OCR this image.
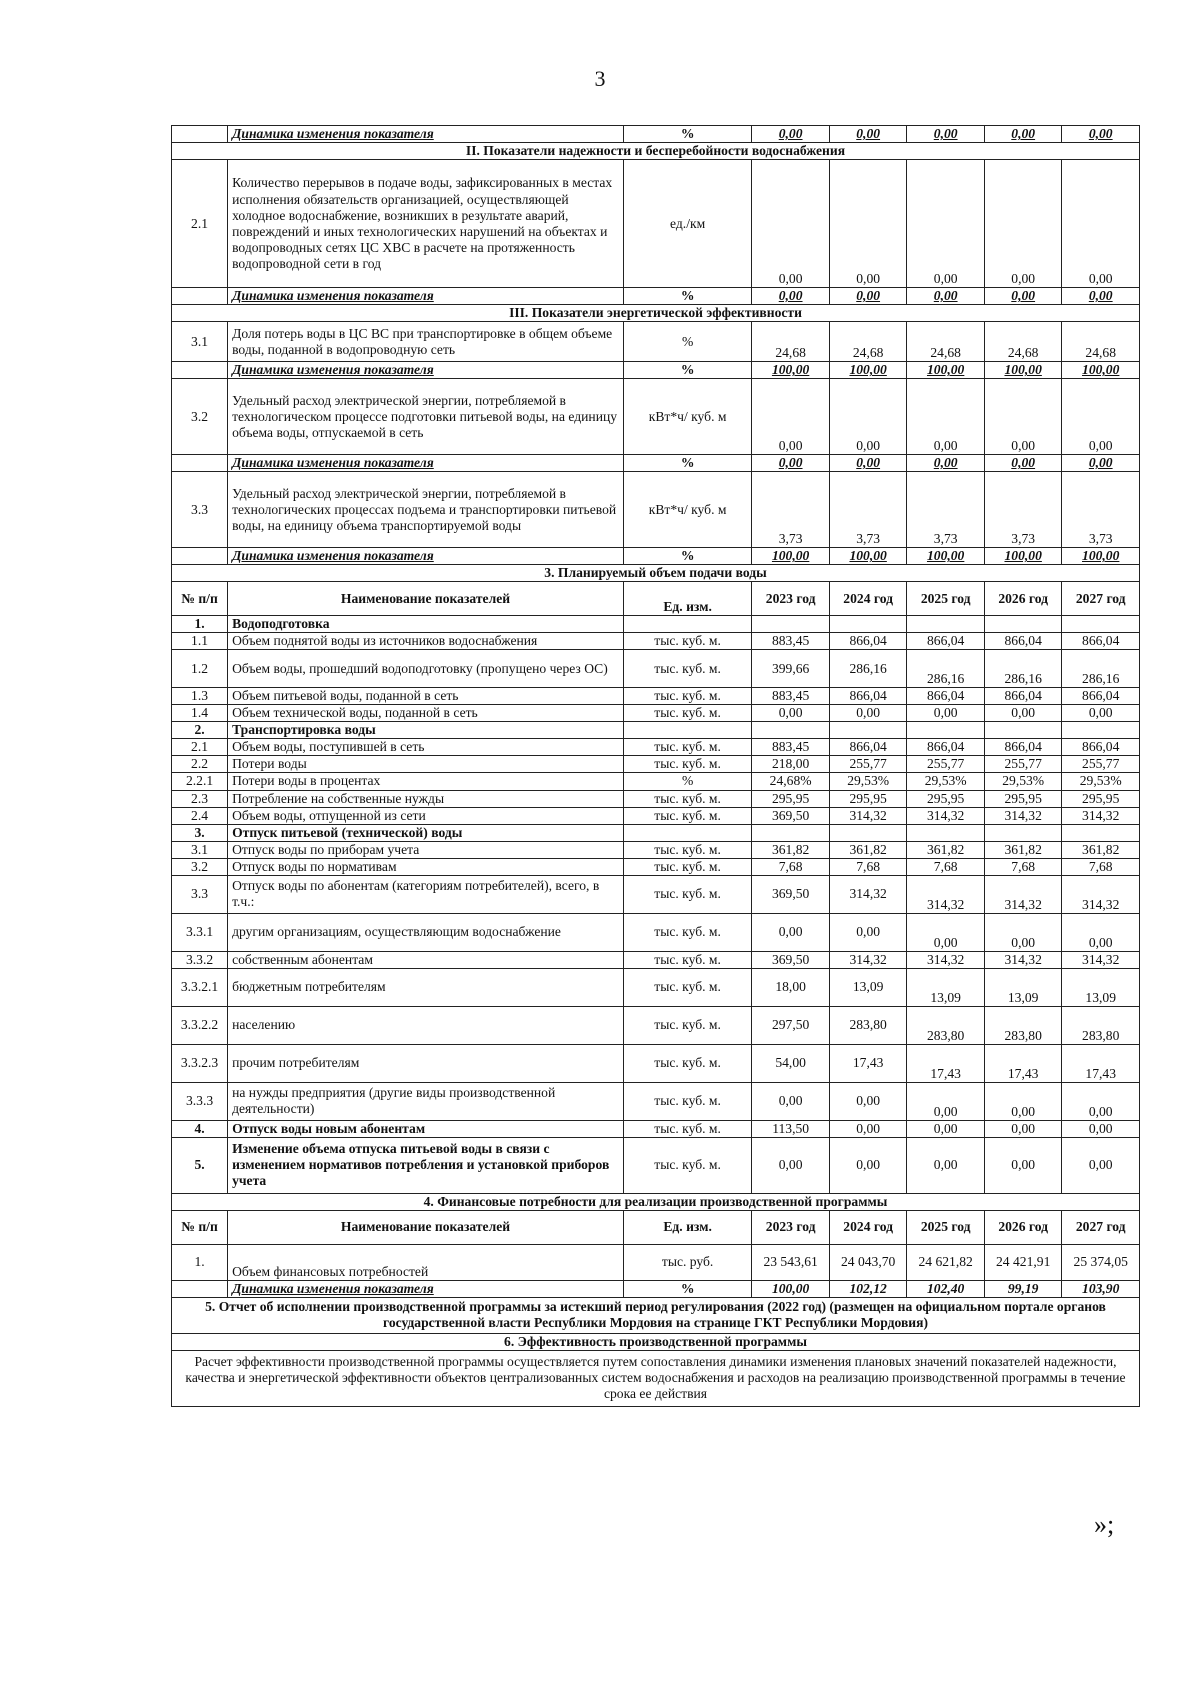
3
	Динамика изменения показателя	%	0,00	0,00	0,00	0,00	0,00
II. Показатели надежности и бесперебойности водоснабжения							
2.1	Количество перерывов в подаче воды, зафиксированных в местах исполнения обязательств организацией, осуществляющей холодное водоснабжение, возникших в результате аварий, повреждений и иных технологических нарушений на объектах и водопроводных сетях ЦС ХВС в расчете на протяженность водопроводной сети в год	ед./км	0,00	0,00	0,00	0,00	0,00
	Динамика изменения показателя	%	0,00	0,00	0,00	0,00	0,00
III. Показатели энергетической эффективности							
3.1	Доля потерь воды в ЦС ВС при транспортировке в общем объеме воды, поданной в водопроводную сеть	%	24,68	24,68	24,68	24,68	24,68
	Динамика изменения показателя	%	100,00	100,00	100,00	100,00	100,00
3.2	Удельный расход электрической энергии, потребляемой в технологическом процессе подготовки питьевой воды, на единицу объема воды, отпускаемой в сеть	кВт*ч/ куб. м	0,00	0,00	0,00	0,00	0,00
	Динамика изменения показателя	%	0,00	0,00	0,00	0,00	0,00
3.3	Удельный расход электрической энергии, потребляемой в технологических процессах подъема и транспортировки питьевой воды, на единицу объема транспортируемой воды	кВт*ч/ куб. м	3,73	3,73	3,73	3,73	3,73
	Динамика изменения показателя	%	100,00	100,00	100,00	100,00	100,00
3. Планируемый объем подачи воды							
№ п/п	Наименование показателей	Ед. изм.	2023 год	2024 год	2025 год	2026 год	2027 год
1.	Водоподготовка						
1.1	Объем поднятой воды из источников водоснабжения	тыс. куб. м.	883,45	866,04	866,04	866,04	866,04
1.2	Объем воды, прошедший водоподготовку (пропущено через ОС)	тыс. куб. м.	399,66	286,16	286,16	286,16	286,16
1.3	Объем питьевой воды, поданной в сеть	тыс. куб. м.	883,45	866,04	866,04	866,04	866,04
1.4	Объем технической воды, поданной в сеть	тыс. куб. м.	0,00	0,00	0,00	0,00	0,00
2.	Транспортировка воды						
2.1	Объем воды, поступившей в сеть	тыс. куб. м.	883,45	866,04	866,04	866,04	866,04
2.2	Потери воды	тыс. куб. м.	218,00	255,77	255,77	255,77	255,77
2.2.1	Потери воды в процентах	%	24,68%	29,53%	29,53%	29,53%	29,53%
2.3	Потребление на собственные нужды	тыс. куб. м.	295,95	295,95	295,95	295,95	295,95
2.4	Объем воды, отпущенной из сети	тыс. куб. м.	369,50	314,32	314,32	314,32	314,32
3.	Отпуск питьевой (технической) воды						
3.1	Отпуск воды по приборам учета	тыс. куб. м.	361,82	361,82	361,82	361,82	361,82
3.2	Отпуск воды по нормативам	тыс. куб. м.	7,68	7,68	7,68	7,68	7,68
3.3	Отпуск воды по абонентам (категориям потребителей), всего, в т.ч.:	тыс. куб. м.	369,50	314,32	314,32	314,32	314,32
3.3.1	другим организациям, осуществляющим водоснабжение	тыс. куб. м.	0,00	0,00	0,00	0,00	0,00
3.3.2	собственным абонентам	тыс. куб. м.	369,50	314,32	314,32	314,32	314,32
3.3.2.1	бюджетным потребителям	тыс. куб. м.	18,00	13,09	13,09	13,09	13,09
3.3.2.2	населению	тыс. куб. м.	297,50	283,80	283,80	283,80	283,80
3.3.2.3	прочим потребителям	тыс. куб. м.	54,00	17,43	17,43	17,43	17,43
3.3.3	на нужды предприятия (другие виды производственной деятельности)	тыс. куб. м.	0,00	0,00	0,00	0,00	0,00
4.	Отпуск воды новым абонентам	тыс. куб. м.	113,50	0,00	0,00	0,00	0,00
5.	Изменение объема отпуска питьевой воды в связи с изменением нормативов потребления и установкой приборов учета	тыс. куб. м.	0,00	0,00	0,00	0,00	0,00
4. Финансовые потребности для реализации производственной программы							
№ п/п	Наименование показателей	Ед. изм.	2023 год	2024 год	2025 год	2026 год	2027 год
1.	Объем финансовых потребностей	тыс. руб.	23 543,61	24 043,70	24 621,82	24 421,91	25 374,05
	Динамика изменения показателя	%	100,00	102,12	102,40	99,19	103,90
5. Отчет об исполнении производственной программы за истекший период регулирования (2022 год) (размещен на официальном портале органов государственной власти Республики Мордовия на странице ГКТ Республики Мордовия)							
6. Эффективность производственной программы							
Расчет эффективности производственной программы осуществляется путем сопоставления динамики изменения плановых значений показателей надежности, качества и энергетической эффективности объектов централизованных систем водоснабжения и расходов на реализацию производственной программы в течение срока ее действия							
»;
